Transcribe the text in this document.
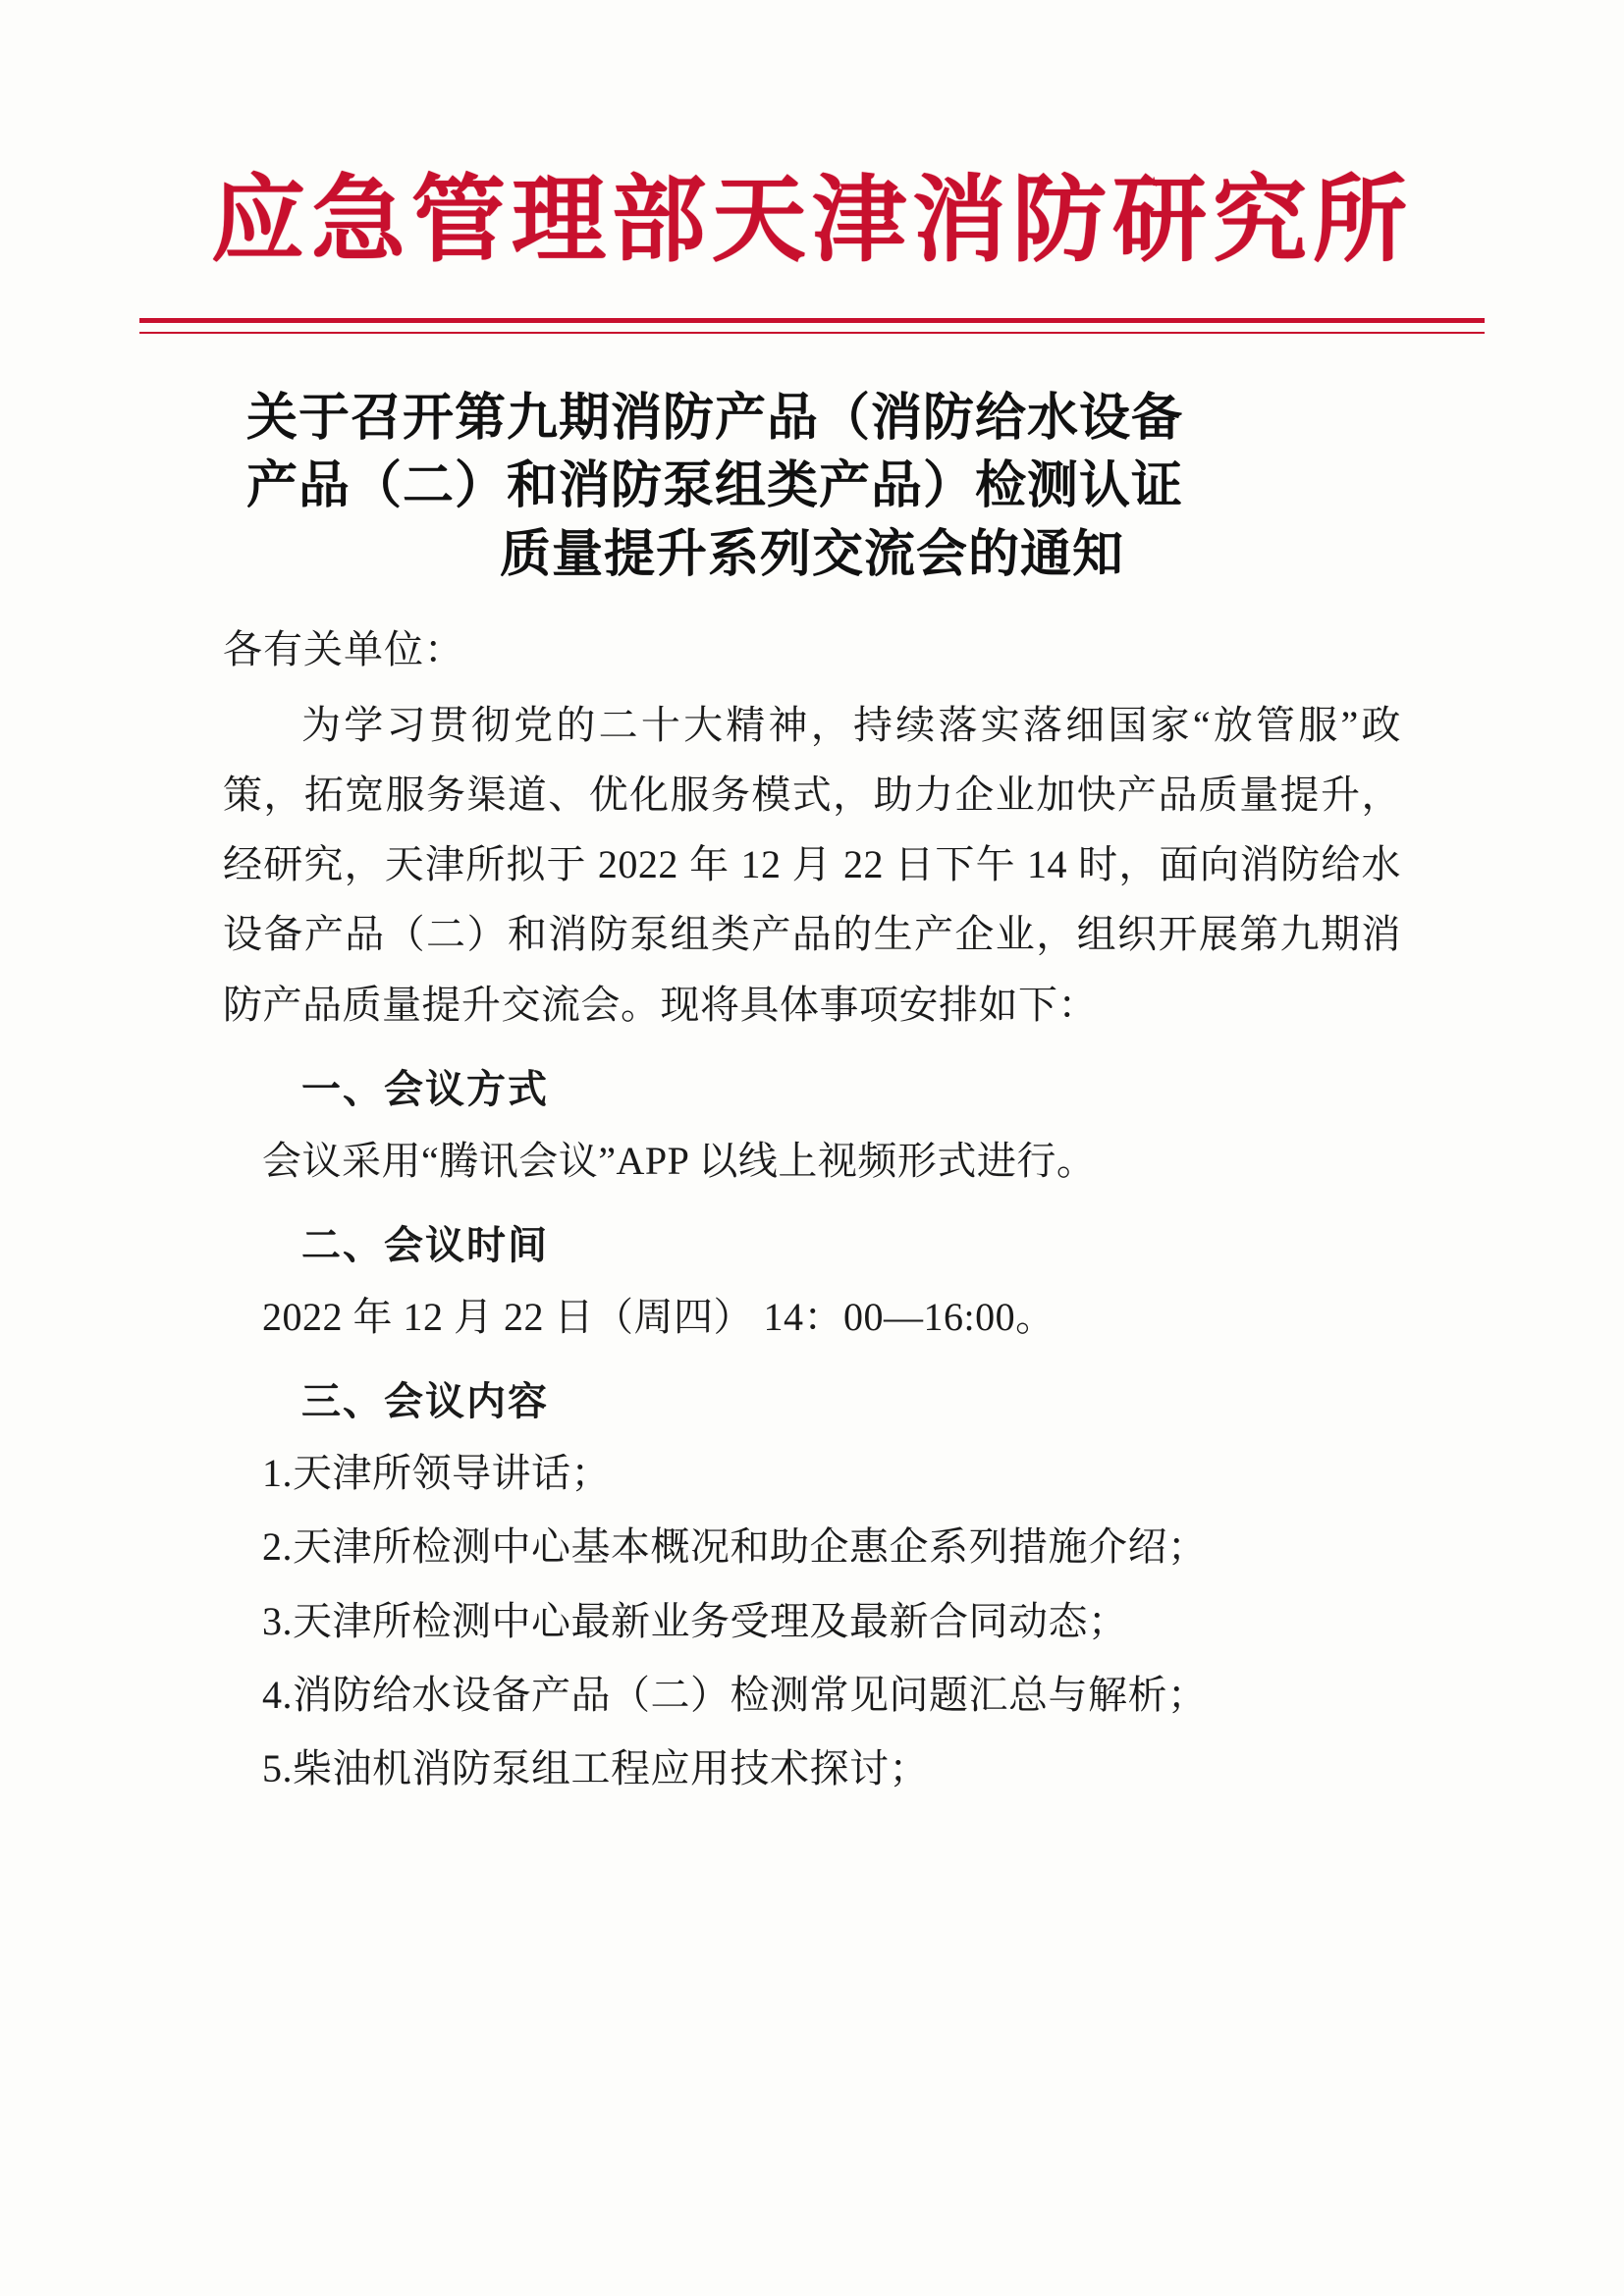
应急管理部天津消防研究所
关于召开第九期消防产品（消防给水设备
产品（二）和消防泵组类产品）检测认证
质量提升系列交流会的通知
各有关单位：

为学习贯彻党的二十大精神，持续落实落细国家“放管服”政策，拓宽服务渠道、优化服务模式，助力企业加快产品质量提升，经研究，天津所拟于 2022 年 12 月 22 日下午 14 时，面向消防给水设备产品（二）和消防泵组类产品的生产企业，组织开展第九期消防产品质量提升交流会。现将具体事项安排如下：

一、会议方式
会议采用“腾讯会议”APP 以线上视频形式进行。
二、会议时间
2022 年 12 月 22 日（周四） 14：00—16:00。
三、会议内容
1.天津所领导讲话；
2.天津所检测中心基本概况和助企惠企系列措施介绍；
3.天津所检测中心最新业务受理及最新合同动态；
4.消防给水设备产品（二）检测常见问题汇总与解析；
5.柴油机消防泵组工程应用技术探讨；
